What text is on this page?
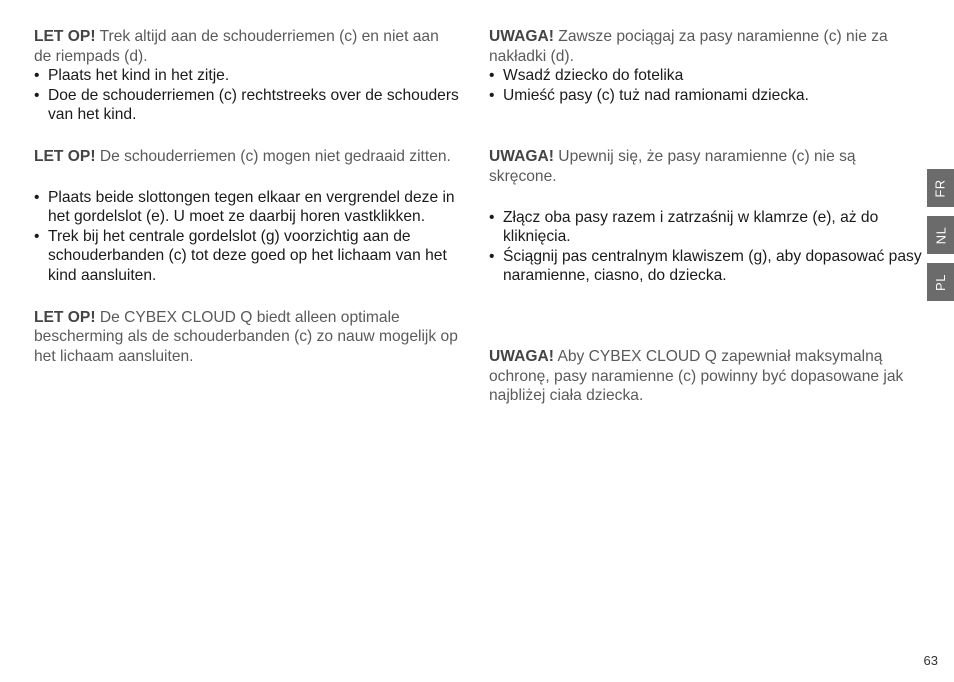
LET OP! Trek altijd aan de schouderriemen (c) en niet aan de riempads (d).

• Plaats het kind in het zitje.
• Doe de schouderriemen (c) rechtstreeks over de schouders van het kind.

LET OP! De schouderriemen (c) mogen niet gedraaid zitten.

• Plaats beide slottongen tegen elkaar en vergrendel deze in het gordelslot (e). U moet ze daarbij horen vastklikken.
• Trek bij het centrale gordelslot (g) voorzichtig aan de schouderbanden (c) tot deze goed op het lichaam van het kind aansluiten.

LET OP! De CYBEX CLOUD Q biedt alleen optimale bescherming als de schouderbanden (c) zo nauw mogelijk op het lichaam aansluiten.

UWAGA! Zawsze pociągaj za pasy naramienne (c) nie za nakładki (d).

• Wsadź dziecko do fotelika
• Umieść pasy (c) tuż nad ramionami dziecka.

UWAGA! Upewnij się, że pasy naramienne (c) nie są skręcone.

• Złącz oba pasy razem i zatrzaśnij w klamrze (e), aż do kliknięcia.
• Ściągnij pas centralnym klawiszem (g), aby dopasować pasy naramienne, ciasno, do dziecka.

UWAGA! Aby CYBEX CLOUD Q zapewniał maksymalną ochronę, pasy naramienne (c) powinny być dopasowane jak najbliżej ciała dziecka.

FR
NL
PL
63
